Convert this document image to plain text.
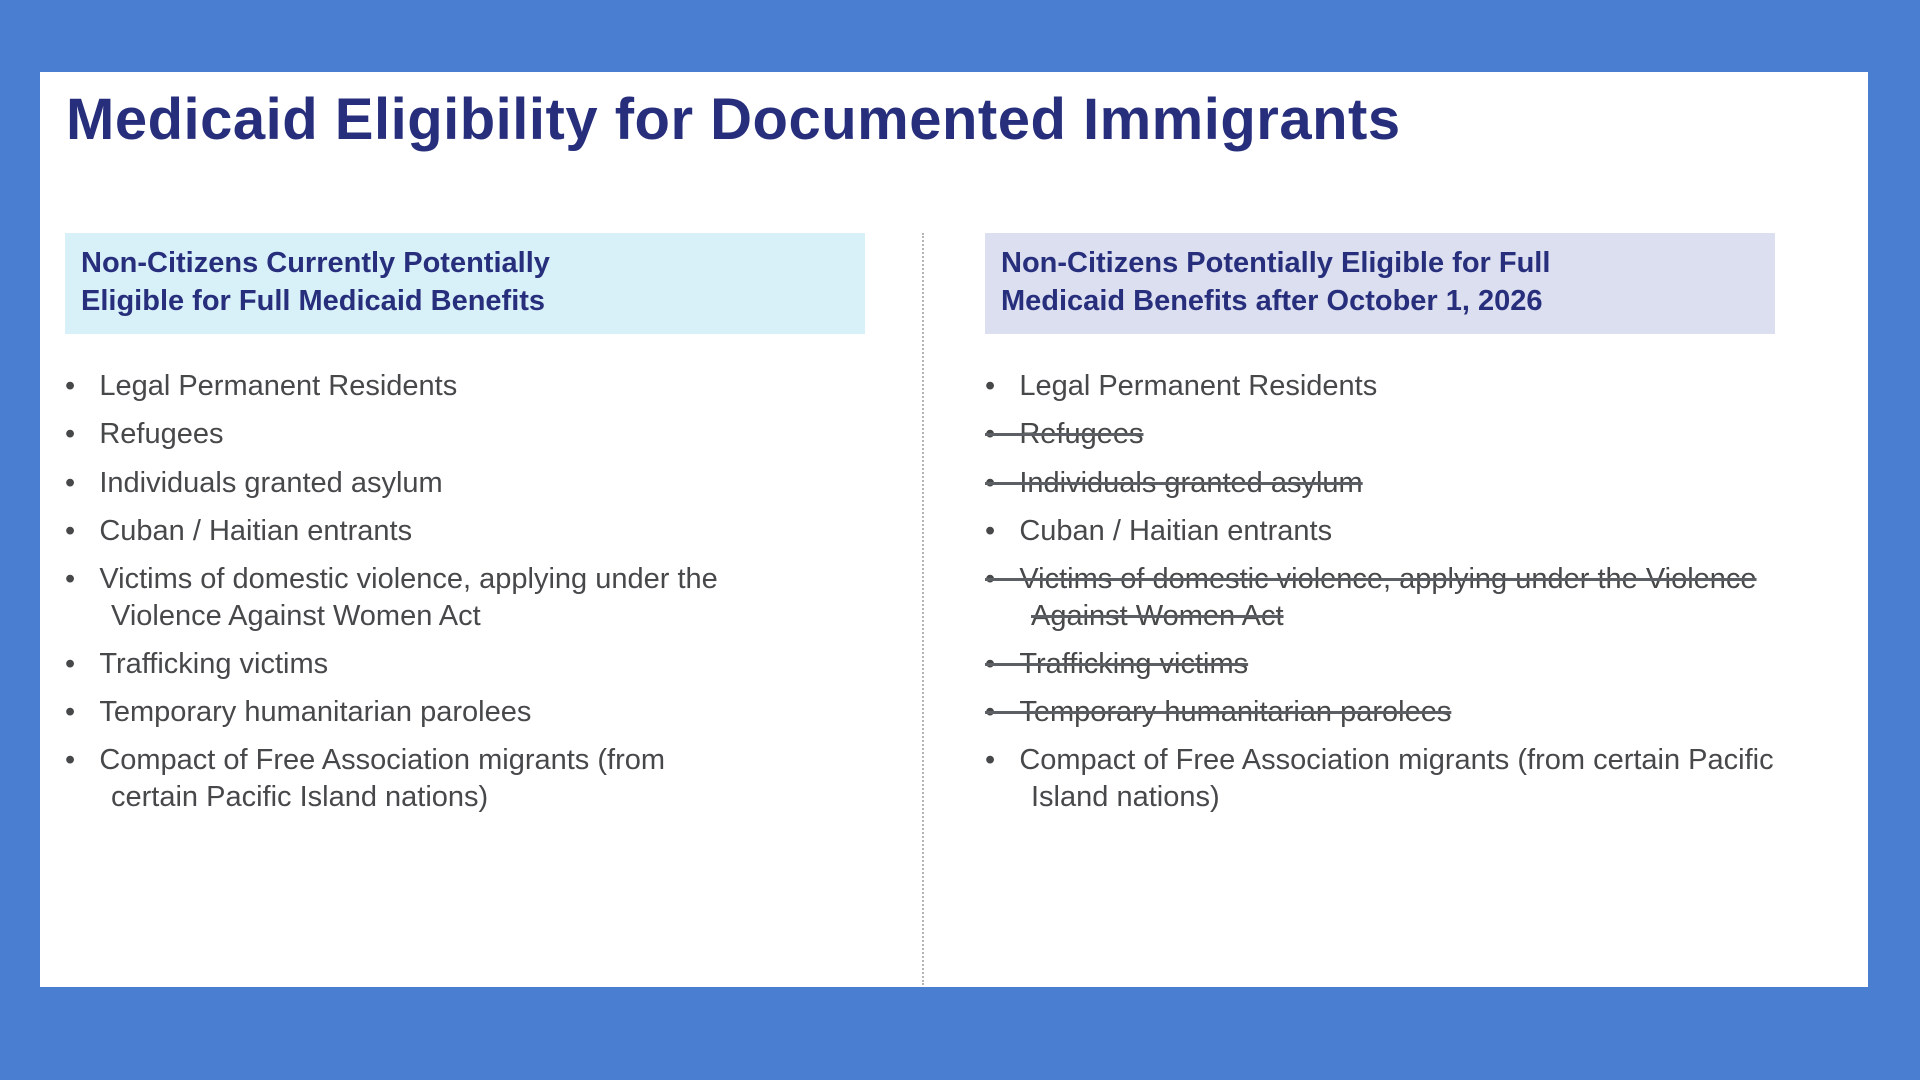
Medicaid Eligibility for Documented Immigrants
Non-Citizens Currently Potentially
Eligible for Full Medicaid Benefits
•   Legal Permanent Residents
•   Refugees
•   Individuals granted asylum
•   Cuban / Haitian entrants
•   Victims of domestic violence, applying under the Violence Against Women Act
•   Trafficking victims
•   Temporary humanitarian parolees
•   Compact of Free Association migrants (from certain Pacific Island nations)
Non-Citizens Potentially Eligible for Full
Medicaid Benefits after October 1, 2026
•   Legal Permanent Residents
•   Refugees
•   Individuals granted asylum
•   Cuban / Haitian entrants
•   Victims of domestic violence, applying under the Violence Against Women Act
•   Trafficking victims
•   Temporary humanitarian parolees
•   Compact of Free Association migrants (from certain Pacific Island nations)
